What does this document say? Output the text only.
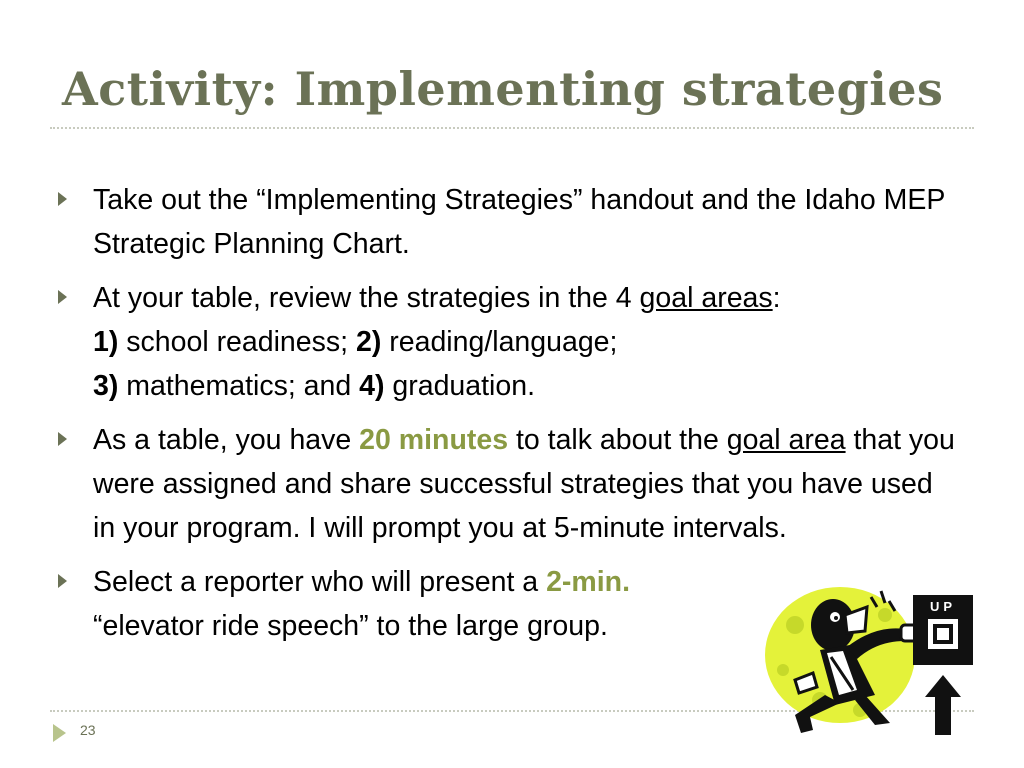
Activity: Implementing strategies
Take out the “Implementing Strategies” handout and the Idaho MEP Strategic Planning Chart.
At your table, review the strategies in the 4 goal areas:
1) school readiness; 2) reading/language;
3) mathematics; and 4) graduation.
As a table, you have 20 minutes to talk about the goal area that you were assigned and share successful strategies that you have used in your program. I will prompt you at 5-minute intervals.
Select a reporter who will present a 2-min.
“elevator ride speech” to the large group.
23
UP
